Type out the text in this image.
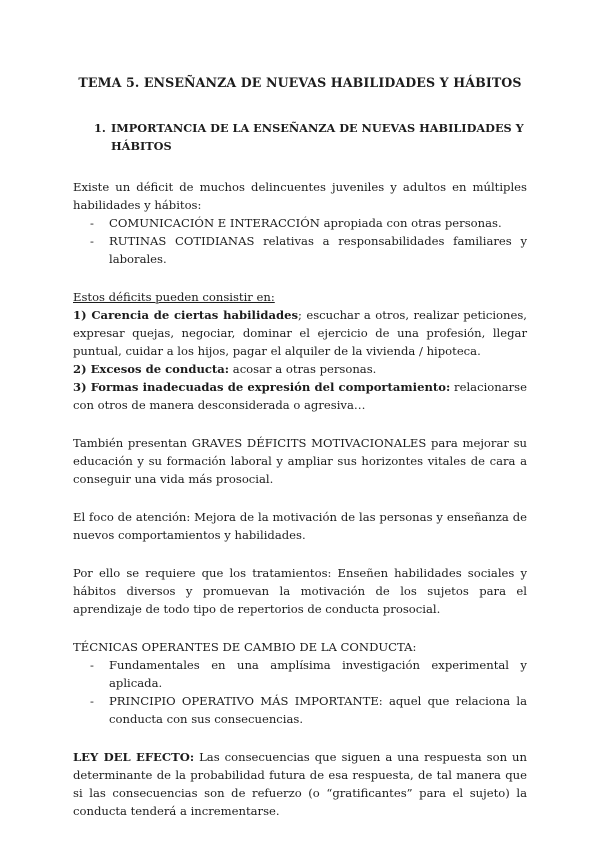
TEMA 5. ENSEÑANZA DE NUEVAS HABILIDADES Y HÁBITOS
1. IMPORTANCIA DE LA ENSEÑANZA DE NUEVAS HABILIDADES Y HÁBITOS

Existe un déficit de muchos delincuentes juveniles y adultos en múltiples habilidades y hábitos:

- COMUNICACIÓN E INTERACCIÓN apropiada con otras personas.
- RUTINAS COTIDIANAS relativas a responsabilidades familiares y laborales.

Estos déficits pueden consistir en:

1) Carencia de ciertas habilidades; escuchar a otros, realizar peticiones, expresar quejas, negociar, dominar el ejercicio de una profesión, llegar puntual, cuidar a los hijos, pagar el alquiler de la vivienda / hipoteca.

2) Excesos de conducta: acosar a otras personas.

3) Formas inadecuadas de expresión del comportamiento: relacionarse con otros de manera desconsiderada o agresiva…

También presentan GRAVES DÉFICITS MOTIVACIONALES para mejorar su educación y su formación laboral y ampliar sus horizontes vitales de cara a conseguir una vida más prosocial.

El foco de atención: Mejora de la motivación de las personas y enseñanza de nuevos comportamientos y habilidades.

Por ello se requiere que los tratamientos: Enseñen habilidades sociales y hábitos diversos y promuevan la motivación de los sujetos para el aprendizaje de todo tipo de repertorios de conducta prosocial.

TÉCNICAS OPERANTES DE CAMBIO DE LA CONDUCTA:

- Fundamentales en una amplísima investigación experimental y aplicada.
- PRINCIPIO OPERATIVO MÁS IMPORTANTE: aquel que relaciona la conducta con sus consecuencias.

LEY DEL EFECTO: Las consecuencias que siguen a una respuesta son un determinante de la probabilidad futura de esa respuesta, de tal manera que si las consecuencias son de refuerzo (o “gratificantes” para el sujeto) la conducta tenderá a incrementarse.
